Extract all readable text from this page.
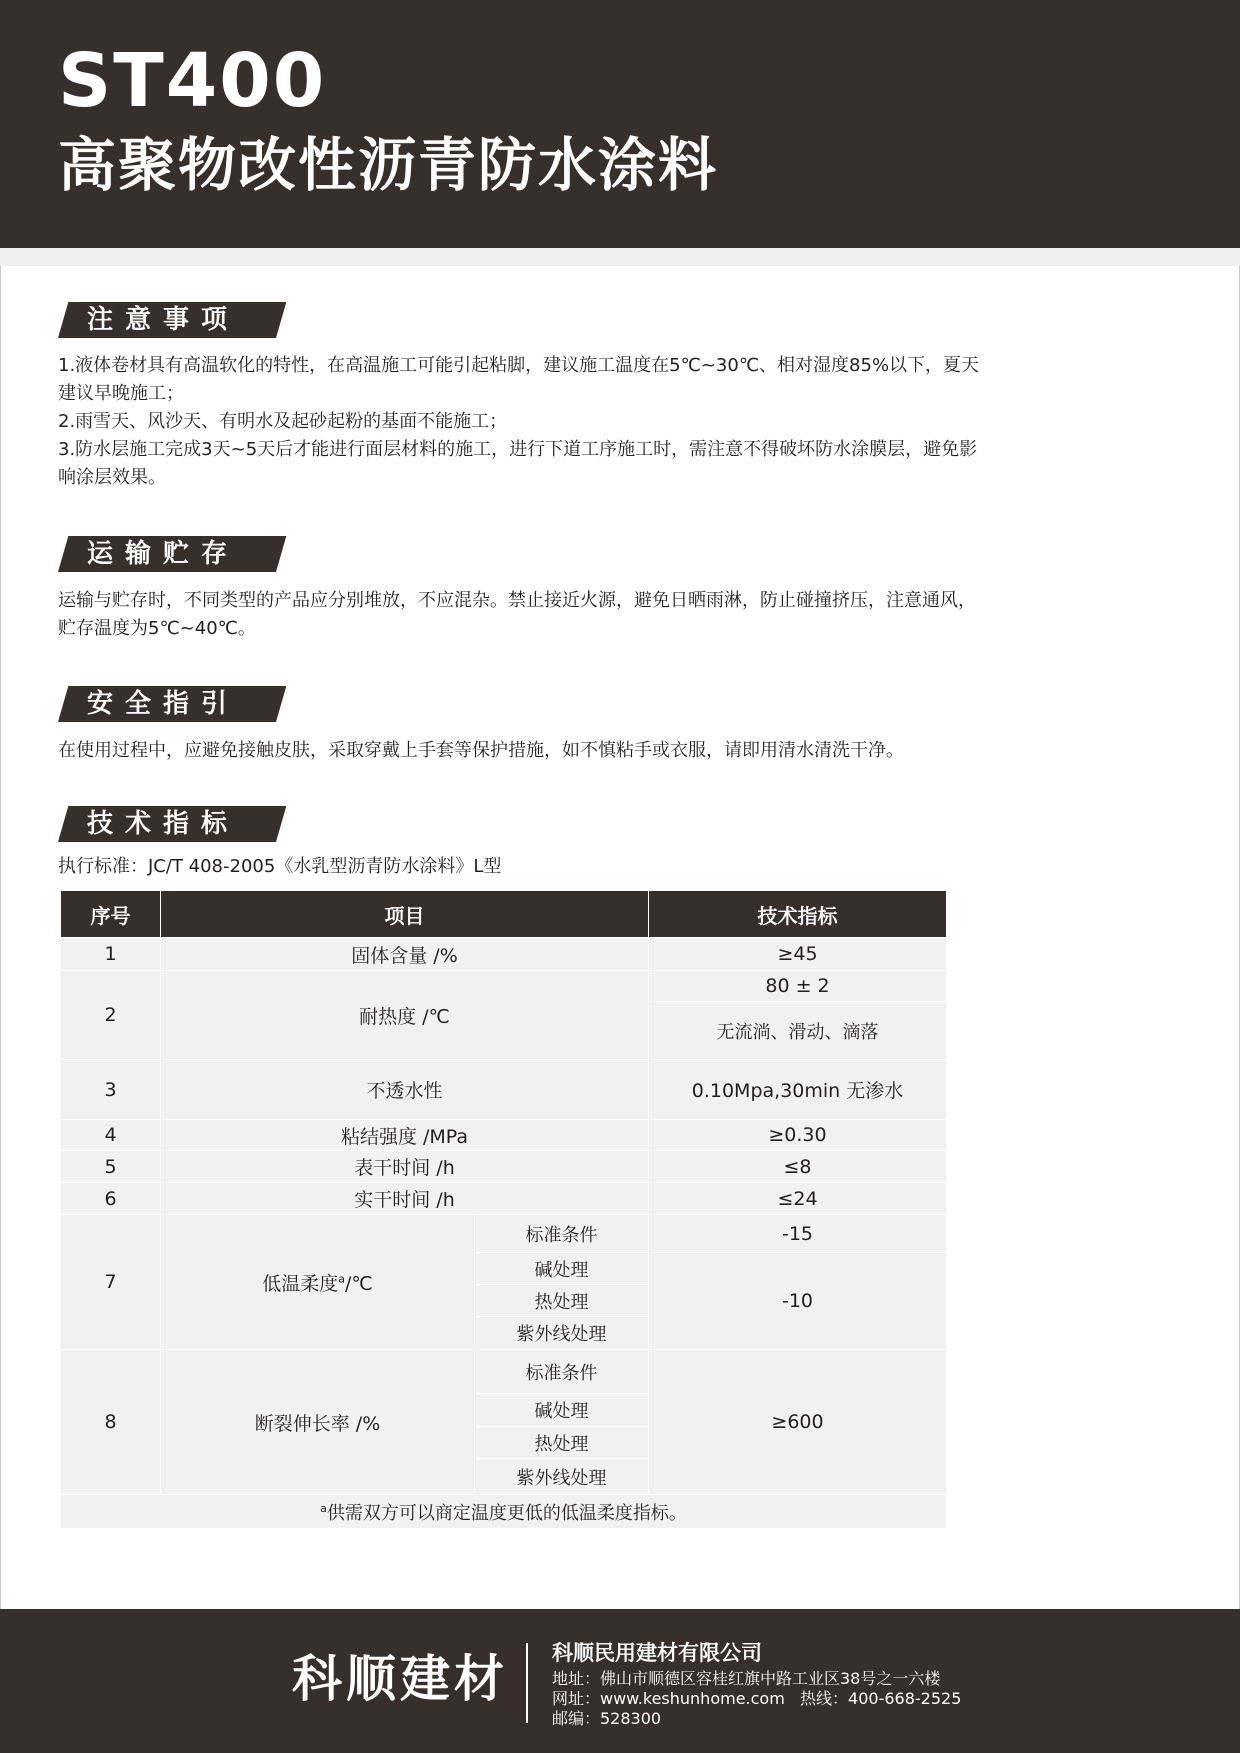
ST400
高聚物改性沥青防水涂料
注意事项
1.液体卷材具有高温软化的特性，在高温施工可能引起粘脚，建议施工温度在5℃~30℃、相对湿度85%以下，夏天
建议早晚施工；
2.雨雪天、风沙天、有明水及起砂起粉的基面不能施工；
3.防水层施工完成3天~5天后才能进行面层材料的施工，进行下道工序施工时，需注意不得破坏防水涂膜层，避免影
响涂层效果。
运输贮存
运输与贮存时，不同类型的产品应分别堆放，不应混杂。禁止接近火源，避免日晒雨淋，防止碰撞挤压，注意通风，
贮存温度为5℃~40℃。
安全指引
在使用过程中，应避免接触皮肤，采取穿戴上手套等保护措施，如不慎粘手或衣服，请即用清水清洗干净。
技术指标
执行标准：JC/T 408-2005《水乳型沥青防水涂料》L型
序号	项目		技术指标
1	固体含量 /%		≥45
2	耐热度 /℃		80 ± 2
			无流淌、滑动、滴落
3	不透水性		0.10Mpa,30min 无渗水
4	粘结强度 /MPa		≥0.30
5	表干时间 /h		≤8
6	实干时间 /h		≤24
7	低温柔度$^a$/℃	标准条件	-15
		碱处理	-10
		热处理	
		紫外线处理	
8	断裂伸长率 /%	标准条件	≥600
		碱处理	
		热处理	
		紫外线处理	
$^a$供需双方可以商定温度更低的低温柔度指标。			
科顺建材 科顺民用建材有限公司
地址：佛山市顺德区容桂红旗中路工业区38号之一六楼
网址：www.keshunhome.com   热线：400-668-2525
邮编：528300
